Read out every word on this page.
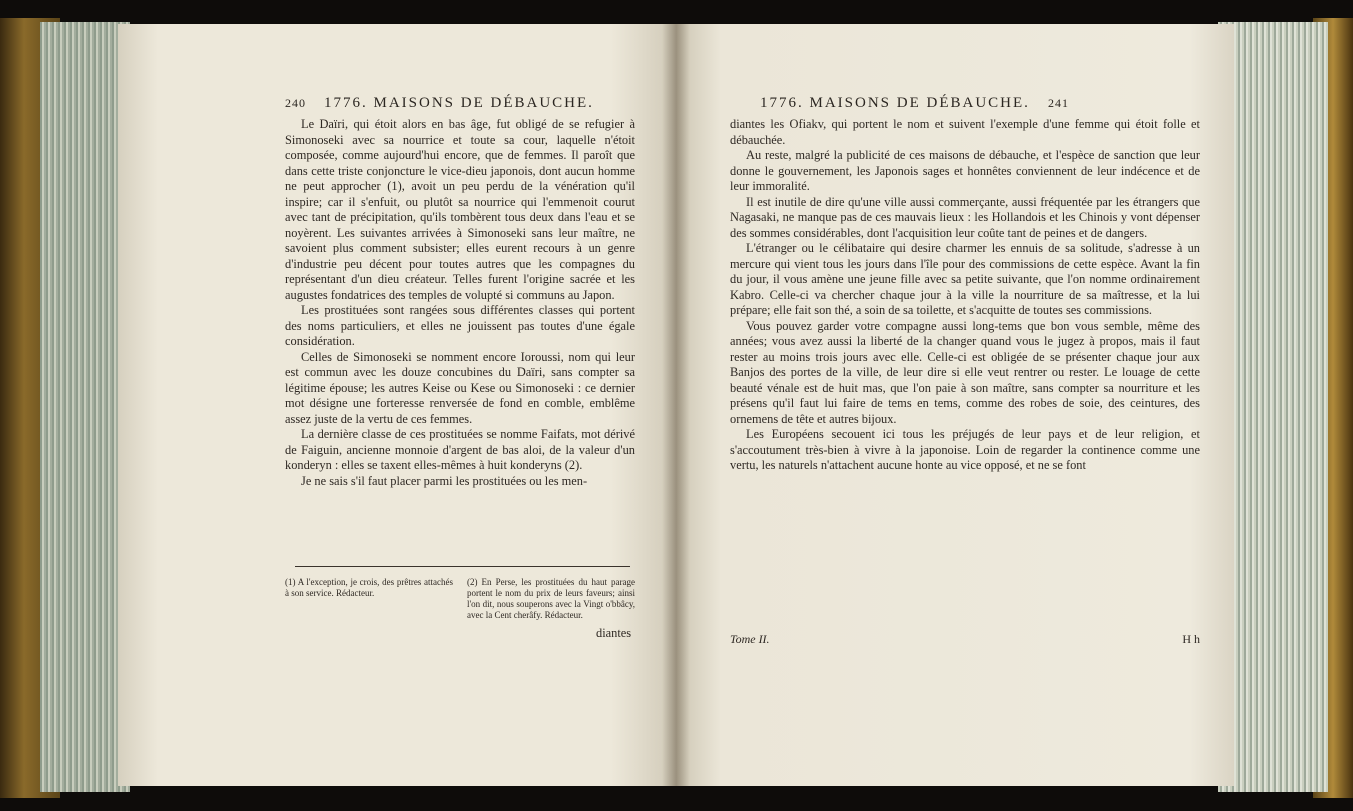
240 1776. MAISONS DE DÉBAUCHE.

Le Daïri, qui étoit alors en bas âge, fut obligé de se refugier à Simonoseki avec sa nourrice et toute sa cour, laquelle n'étoit composée, comme aujourd'hui encore, que de femmes. Il paroît que dans cette triste conjoncture le vice-dieu japonois, dont aucun homme ne peut approcher (1), avoit un peu perdu de la vénération qu'il inspire; car il s'enfuit, ou plutôt sa nourrice qui l'emmenoit courut avec tant de précipitation, qu'ils tombèrent tous deux dans l'eau et se noyèrent. Les suivantes arrivées à Simonoseki sans leur maître, ne savoient plus comment subsister; elles eurent recours à un genre d'industrie peu décent pour toutes autres que les compagnes du représentant d'un dieu créateur. Telles furent l'origine sacrée et les augustes fondatrices des temples de volupté si communs au Japon.

Les prostituées sont rangées sous différentes classes qui portent des noms particuliers, et elles ne jouissent pas toutes d'une égale considération.

Celles de Simonoseki se nomment encore Ioroussi, nom qui leur est commun avec les douze concubines du Daïri, sans compter sa légitime épouse; les autres Keise ou Kese ou Simonoseki : ce dernier mot désigne une forteresse renversée de fond en comble, emblême assez juste de la vertu de ces femmes.

La dernière classe de ces prostituées se nomme Faifats, mot dérivé de Faiguin, ancienne monnoie d'argent de bas aloi, de la valeur d'un konderyn : elles se taxent elles-mêmes à huit konderyns (2).

Je ne sais s'il faut placer parmi les prostituées ou les men-

(1) A l'exception, je crois, des prêtres attachés à son service. Rédacteur.

(2) En Perse, les prostituées du haut parage portent le nom du prix de leurs faveurs; ainsi l'on dit, nous souperons avec la Vingt o'bbâcy, avec la Cent cherâfy. Rédacteur.

diantes
1776. MAISONS DE DÉBAUCHE. 241

diantes les Ofiakv, qui portent le nom et suivent l'exemple d'une femme qui étoit folle et débauchée.

Au reste, malgré la publicité de ces maisons de débauche, et l'espèce de sanction que leur donne le gouvernement, les Japonois sages et honnêtes conviennent de leur indécence et de leur immoralité.

Il est inutile de dire qu'une ville aussi commerçante, aussi fréquentée par les étrangers que Nagasaki, ne manque pas de ces mauvais lieux : les Hollandois et les Chinois y vont dépenser des sommes considérables, dont l'acquisition leur coûte tant de peines et de dangers.

L'étranger ou le célibataire qui desire charmer les ennuis de sa solitude, s'adresse à un mercure qui vient tous les jours dans l'île pour des commissions de cette espèce. Avant la fin du jour, il vous amène une jeune fille avec sa petite suivante, que l'on nomme ordinairement Kabro. Celle-ci va chercher chaque jour à la ville la nourriture de sa maîtresse, et la lui prépare; elle fait son thé, a soin de sa toilette, et s'acquitte de toutes ses commissions.

Vous pouvez garder votre compagne aussi long-tems que bon vous semble, même des années; vous avez aussi la liberté de la changer quand vous le jugez à propos, mais il faut rester au moins trois jours avec elle. Celle-ci est obligée de se présenter chaque jour aux Banjos des portes de la ville, de leur dire si elle veut rentrer ou rester. Le louage de cette beauté vénale est de huit mas, que l'on paie à son maître, sans compter sa nourriture et les présens qu'il faut lui faire de tems en tems, comme des robes de soie, des ceintures, des ornemens de tête et autres bijoux.

Les Européens secouent ici tous les préjugés de leur pays et de leur religion, et s'accoutument très-bien à vivre à la japonoise. Loin de regarder la continence comme une vertu, les naturels n'attachent aucune honte au vice opposé, et ne se font

Tome II.	H h
